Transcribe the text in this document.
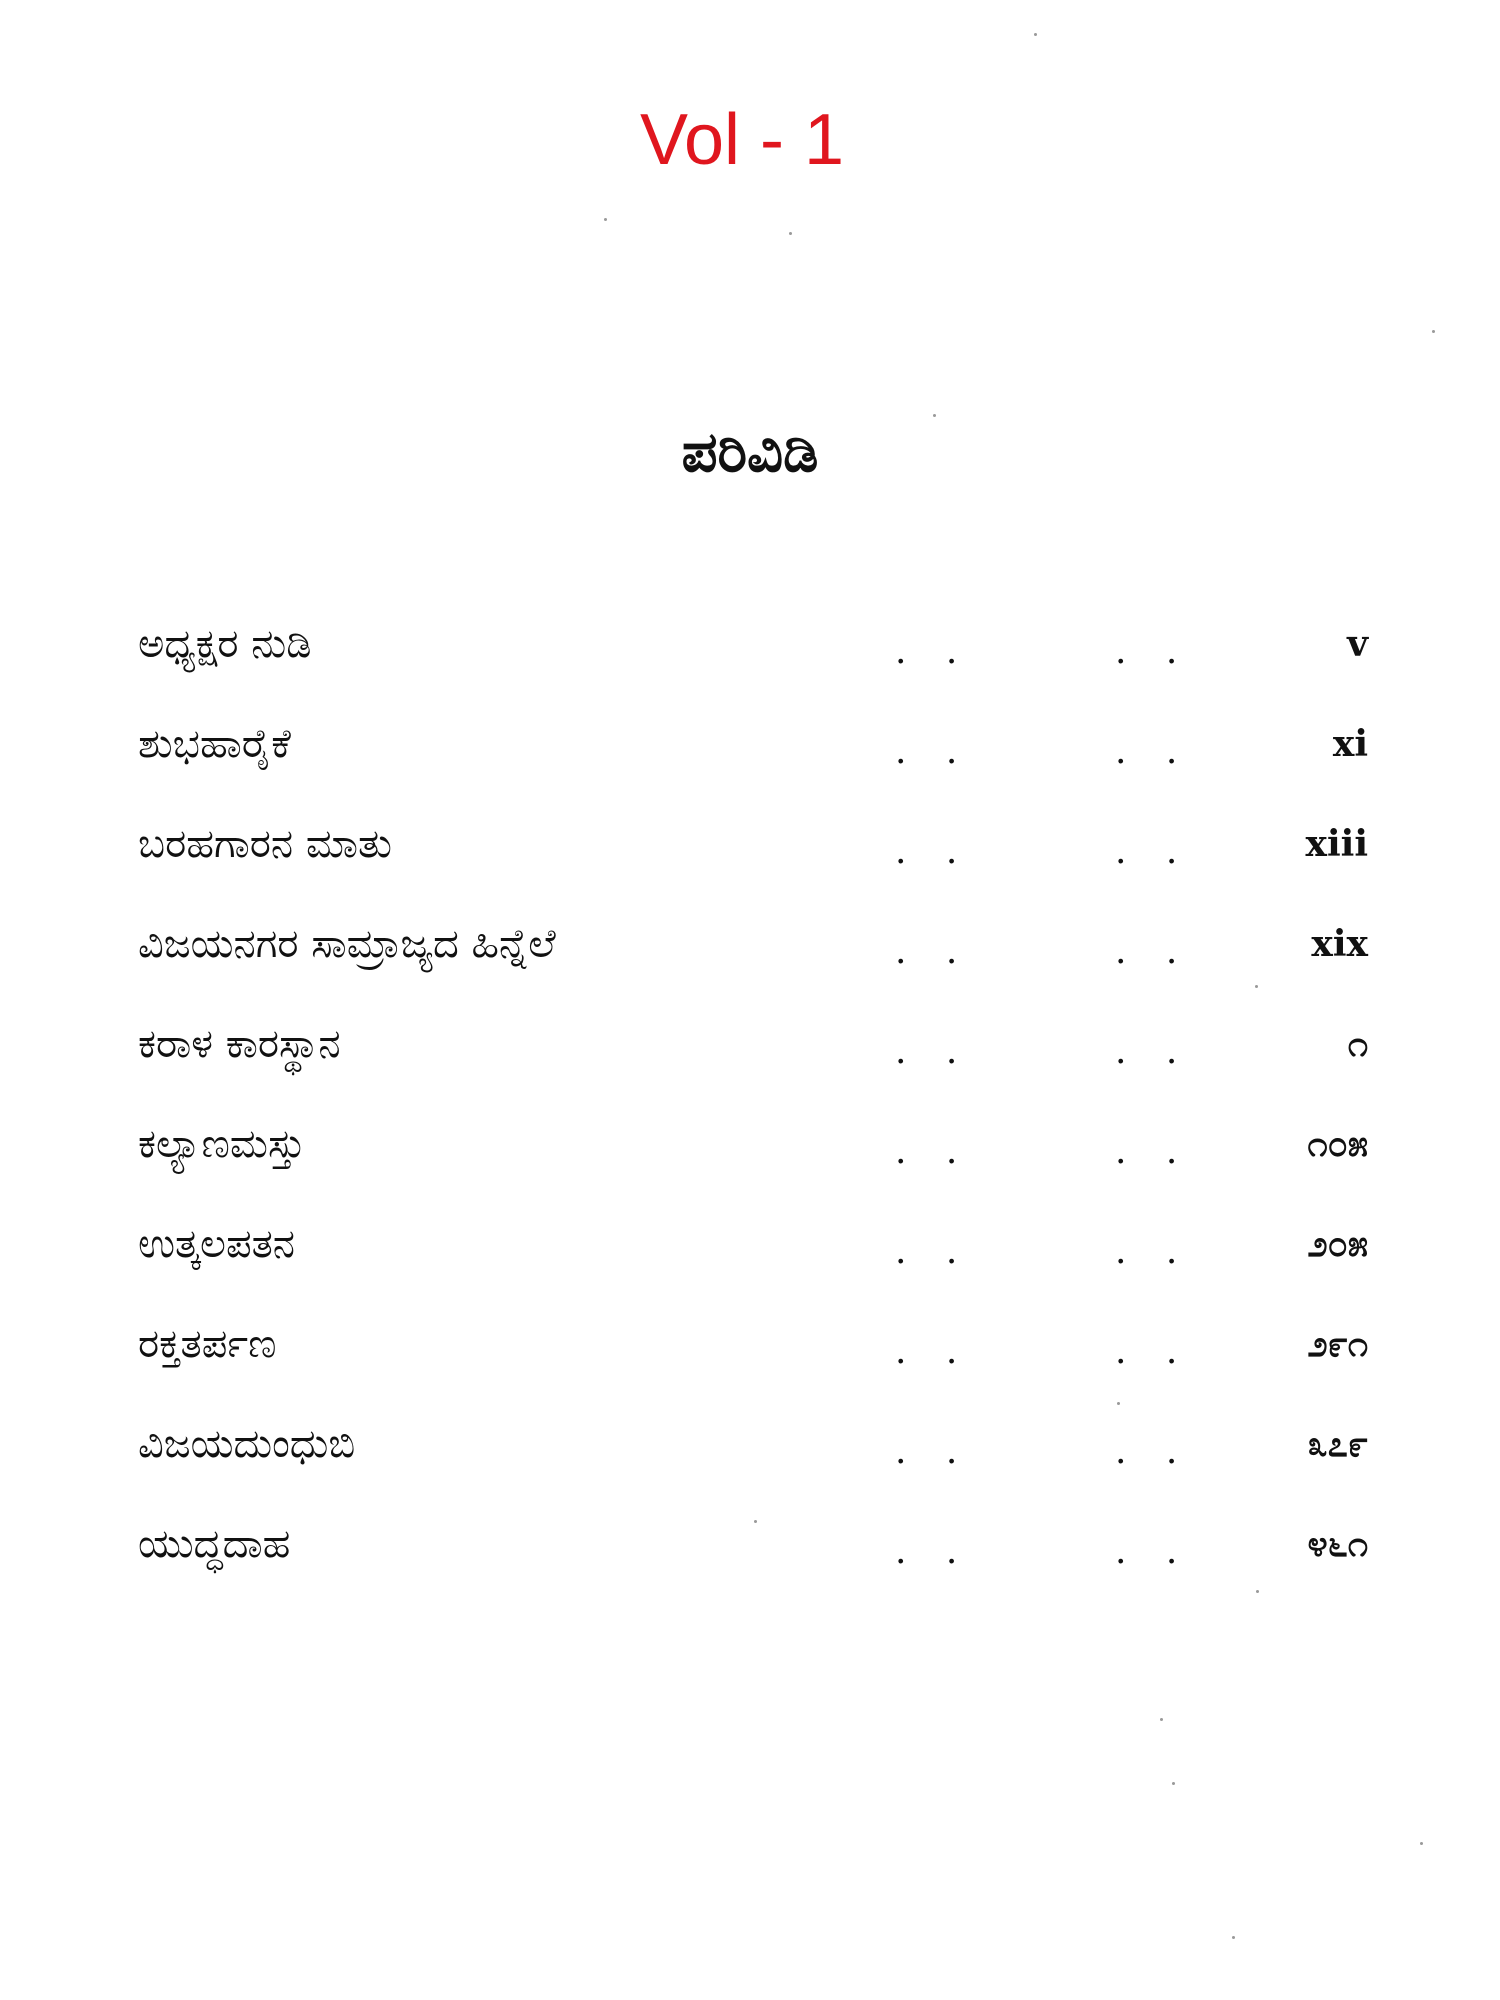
Vol - 1
ಪರಿವಿಡಿ
ಅಧ್ಯಕ್ಷರ ನುಡಿ	. .	. .	v
ಶುಭಹಾರೈಕೆ	. .	. .	xi
ಬರಹಗಾರನ ಮಾತು	. .	. .	xiii
ವಿಜಯನಗರ ಸಾಮ್ರಾಜ್ಯದ ಹಿನ್ನೆಲೆ	. .	. .	xix
ಕರಾಳ ಕಾರಸ್ಥಾನ	. .	. .	೧
ಕಲ್ಯಾಣಮಸ್ತು	. .	. .	೧೦೫
ಉತ್ಕಲಪತನ	. .	. .	೨೦೫
ರಕ್ತತರ್ಪಣ	. .	. .	೨೯೧
ವಿಜಯದುಂಧುಬಿ	. .	. .	೩೭೯
ಯುದ್ಧದಾಹ	. .	. .	೪೬೧
